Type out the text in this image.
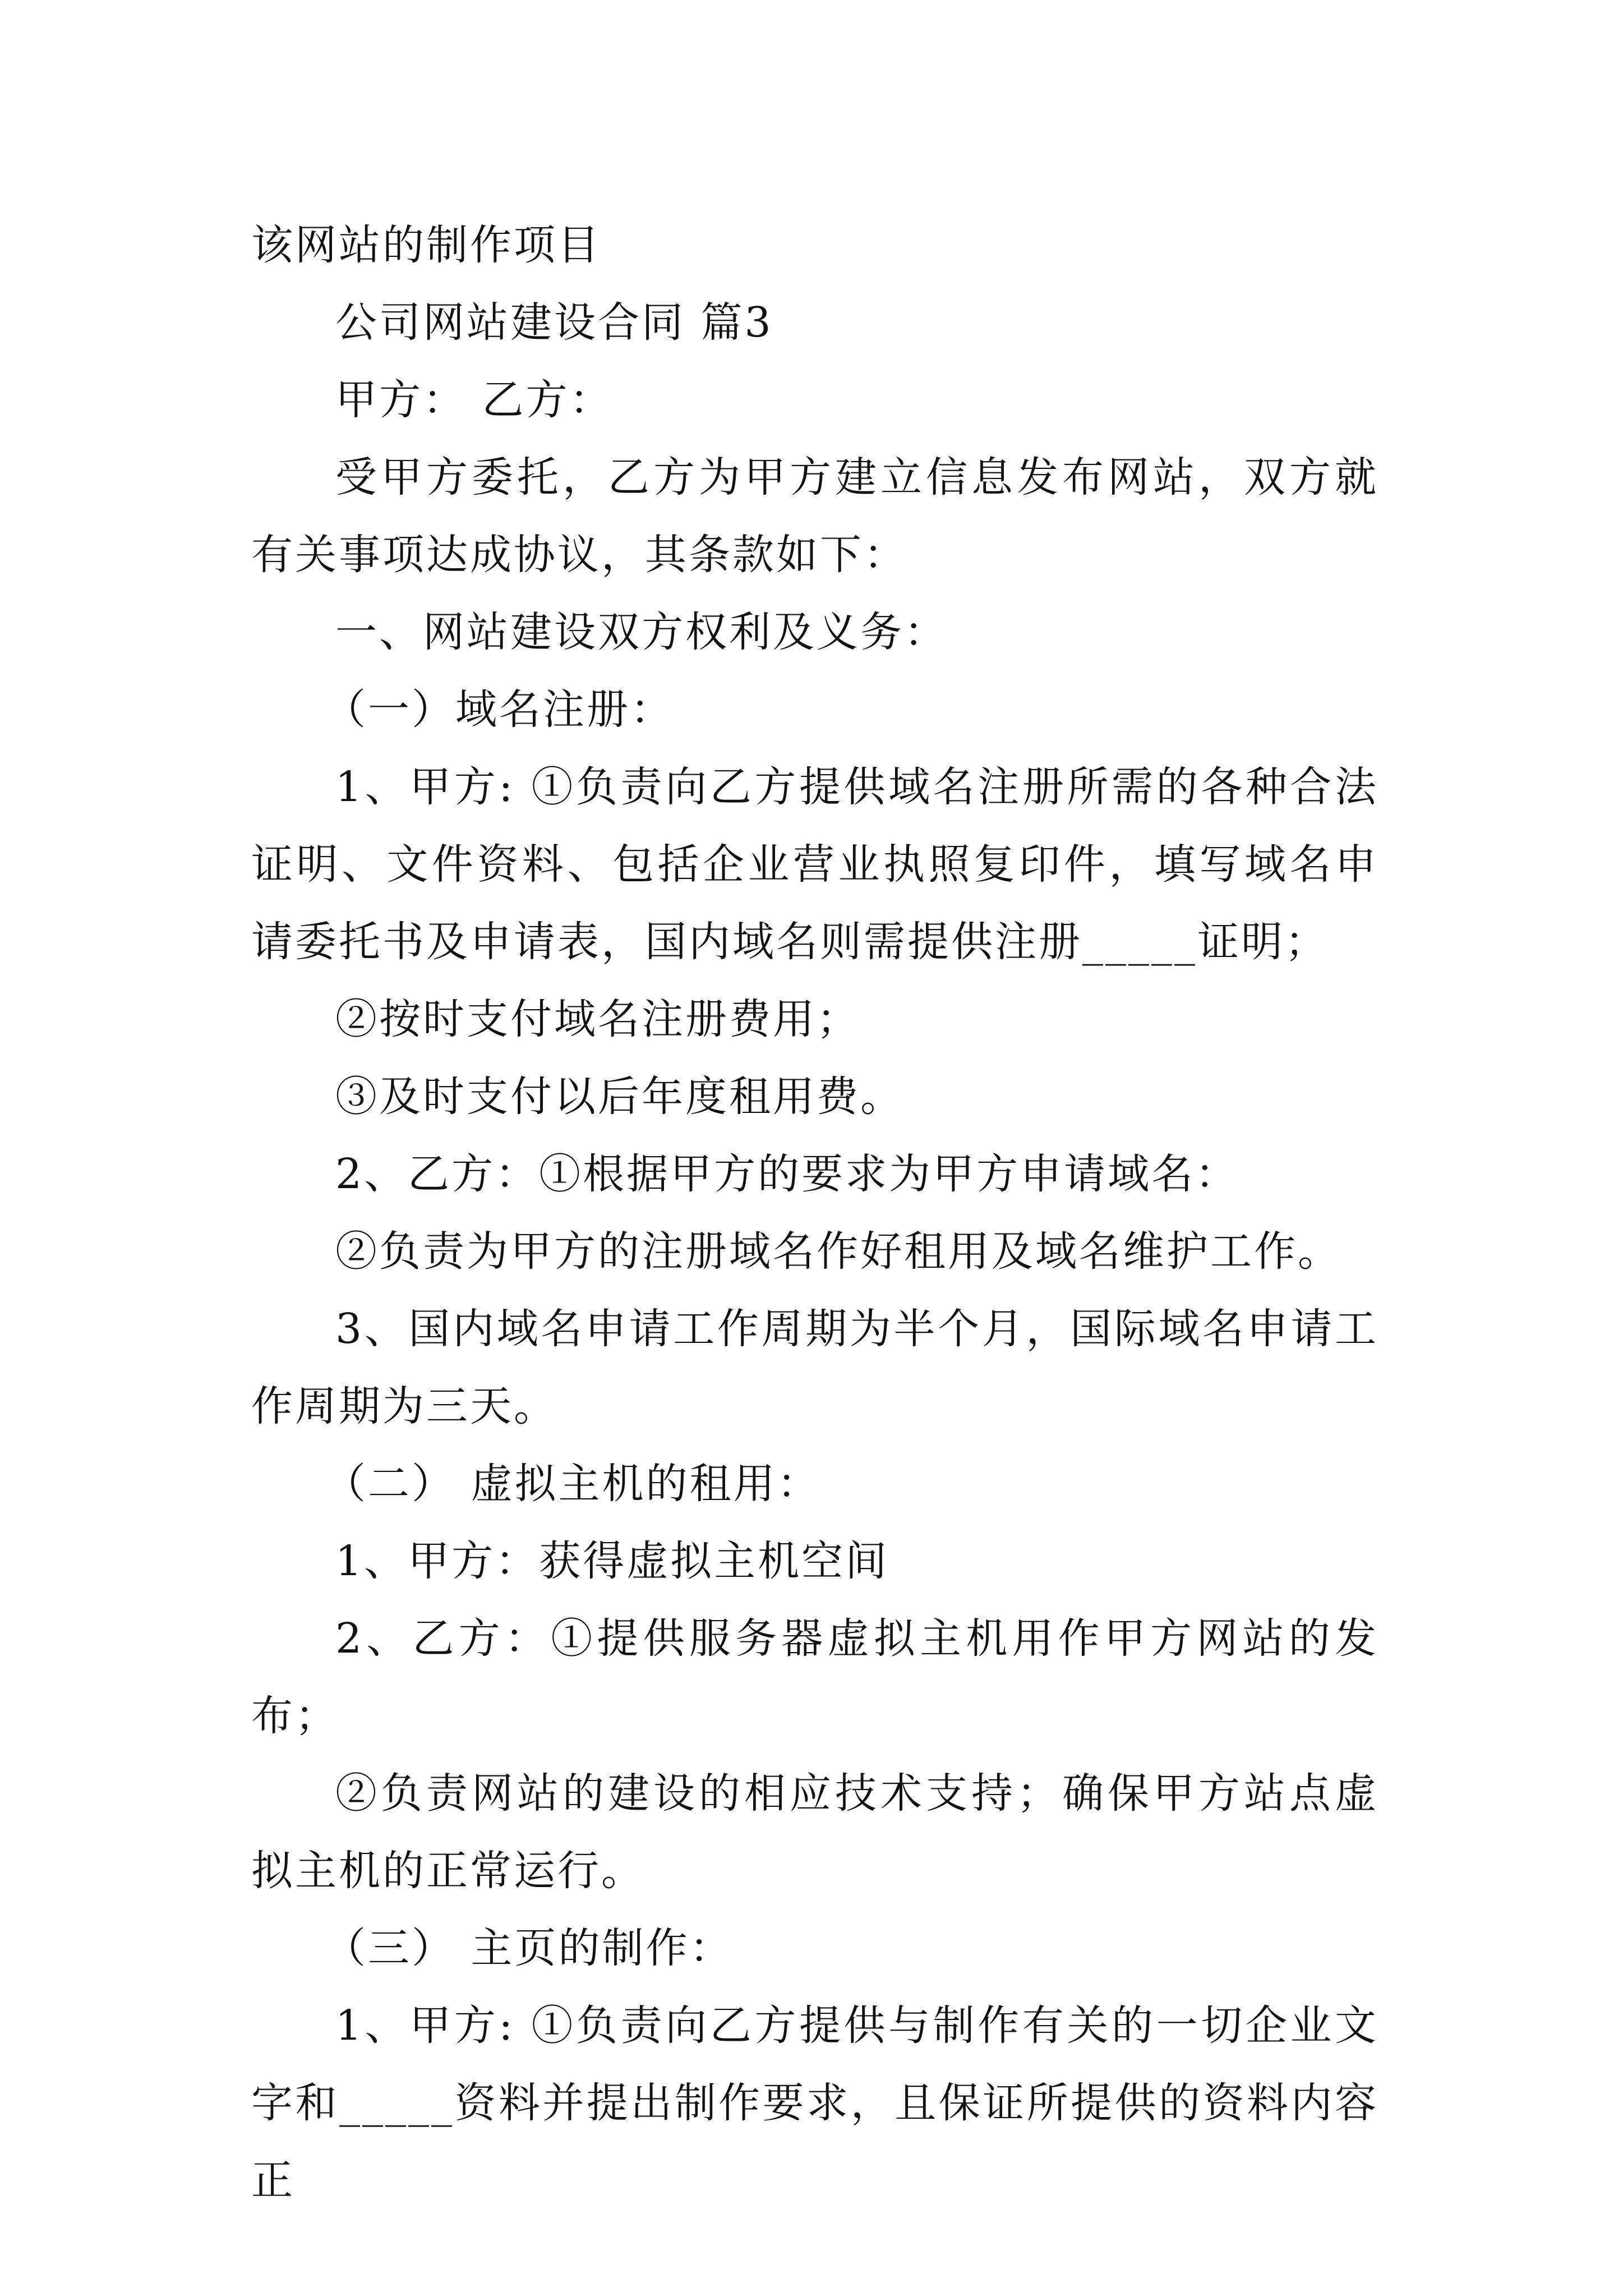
该网站的制作项目

公司网站建设合同 篇3

甲方： 乙方：

受甲方委托，乙方为甲方建立信息发布网站，双方就有关事项达成协议，其条款如下：

一、网站建设双方权利及义务：

（一）域名注册：

1、甲方: ①负责向乙方提供域名注册所需的各种合法证明、文件资料、包括企业营业执照复印件，填写域名申请委托书及申请表，国内域名则需提供注册_____证明；

②按时支付域名注册费用；

③及时支付以后年度租用费。

2、乙方：①根据甲方的要求为甲方申请域名：

②负责为甲方的注册域名作好租用及域名维护工作。

3、国内域名申请工作周期为半个月，国际域名申请工作周期为三天。

（二） 虚拟主机的租用：

1、甲方：获得虚拟主机空间

2、乙方：①提供服务器虚拟主机用作甲方网站的发布；

②负责网站的建设的相应技术支持；确保甲方站点虚拟主机的正常运行。

（三） 主页的制作：

1、甲方: ①负责向乙方提供与制作有关的一切企业文字和_____资料并提出制作要求，且保证所提供的资料内容正
